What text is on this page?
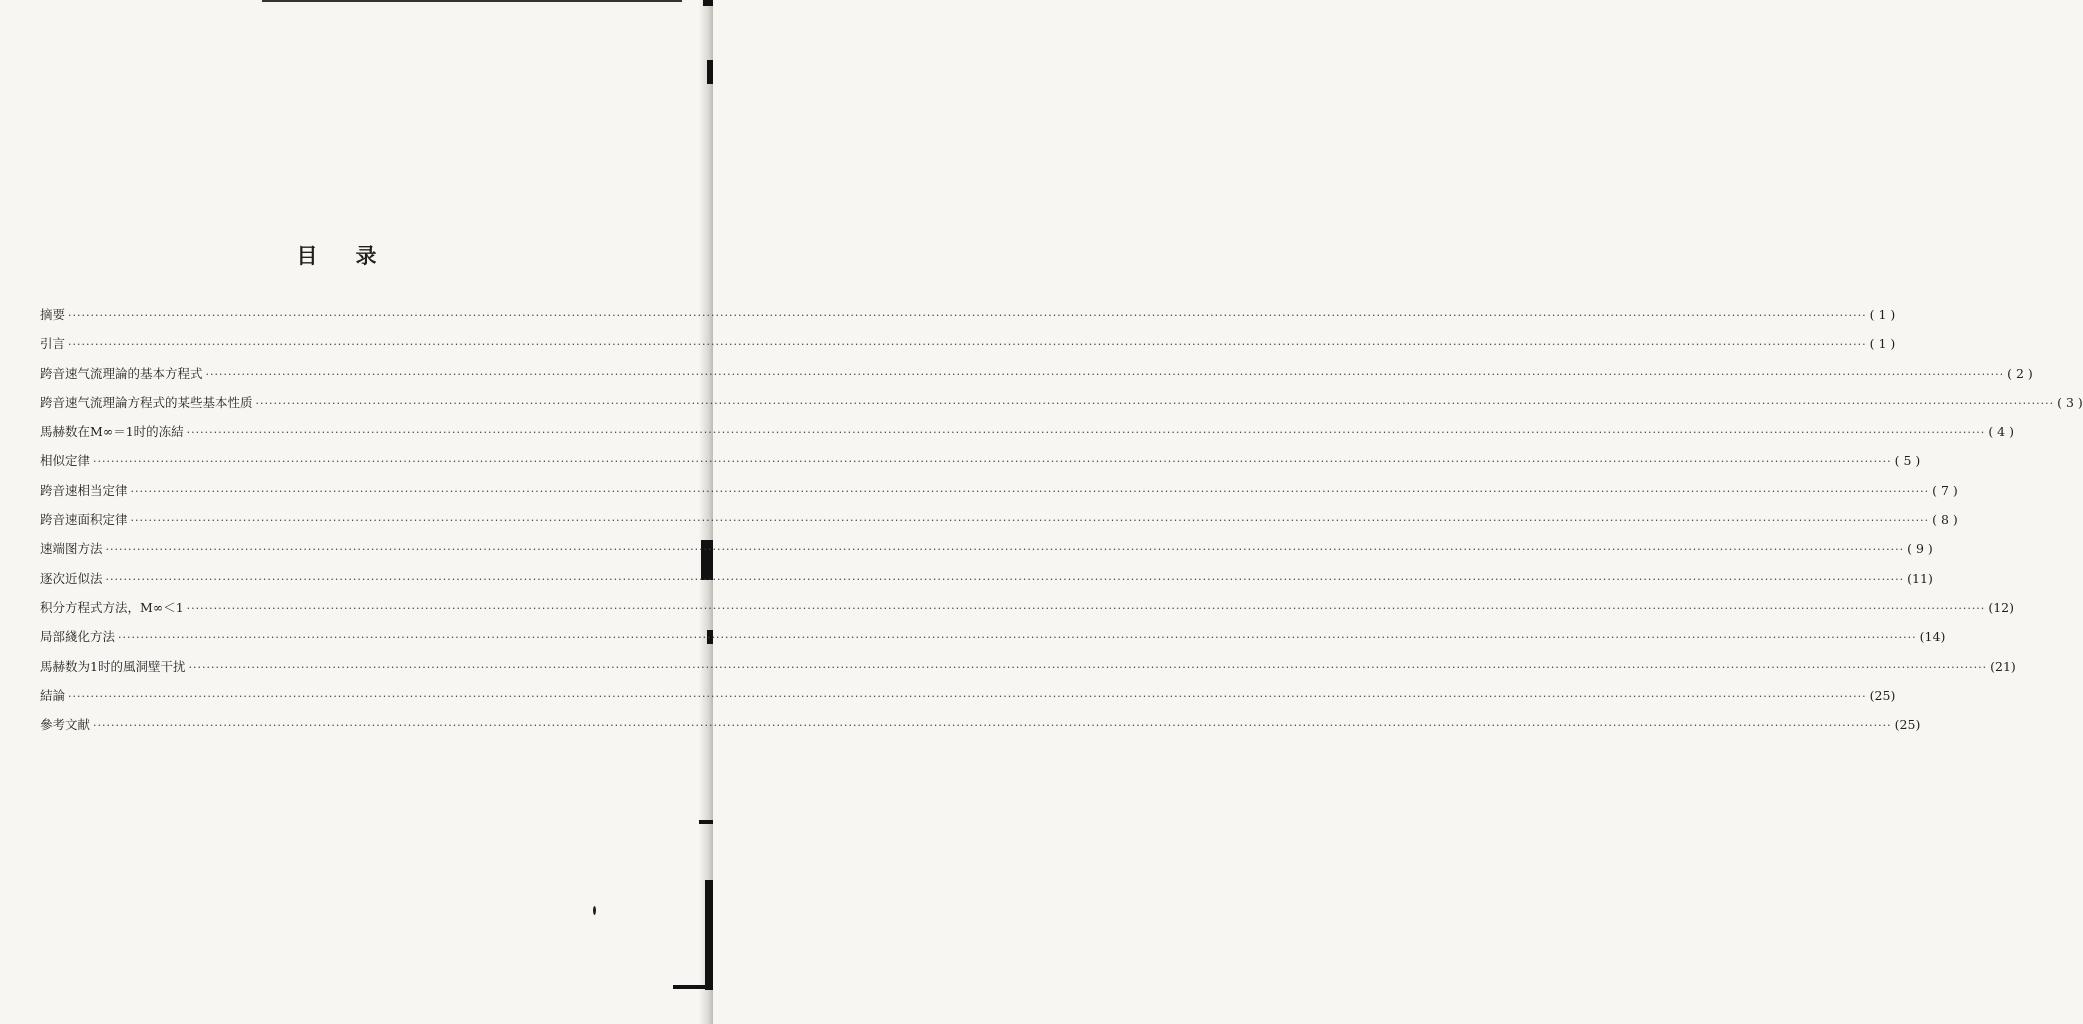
目录
摘要 ················································································································································································································································································································································································································ ( 1 )
引言 ················································································································································································································································································································································································································ ( 1 )
跨音速气流理論的基本方程式 ················································································································································································································································································································································································································ ( 2 )
跨音速气流理論方程式的某些基本性质 ················································································································································································································································································································································································································ ( 3 )
馬赫数在M∞＝1时的冻結 ················································································································································································································································································································································································································ ( 4 )
相似定律 ················································································································································································································································································································································································································ ( 5 )
跨音速相当定律 ················································································································································································································································································································································································································ ( 7 )
跨音速面积定律 ················································································································································································································································································································································································································ ( 8 )
速端图方法 ················································································································································································································································································································································································································ ( 9 )
逐次近似法 ················································································································································································································································································································································································································ (11)
积分方程式方法，M∞＜1 ················································································································································································································································································································································································································ (12)
局部綫化方法 ················································································································································································································································································································································································································ (14)
馬赫数为1时的風洞壁干扰 ················································································································································································································································································································································································································ (21)
結論 ················································································································································································································································································································································································································ (25)
參考文献 ················································································································································································································································································································································································································ (25)
